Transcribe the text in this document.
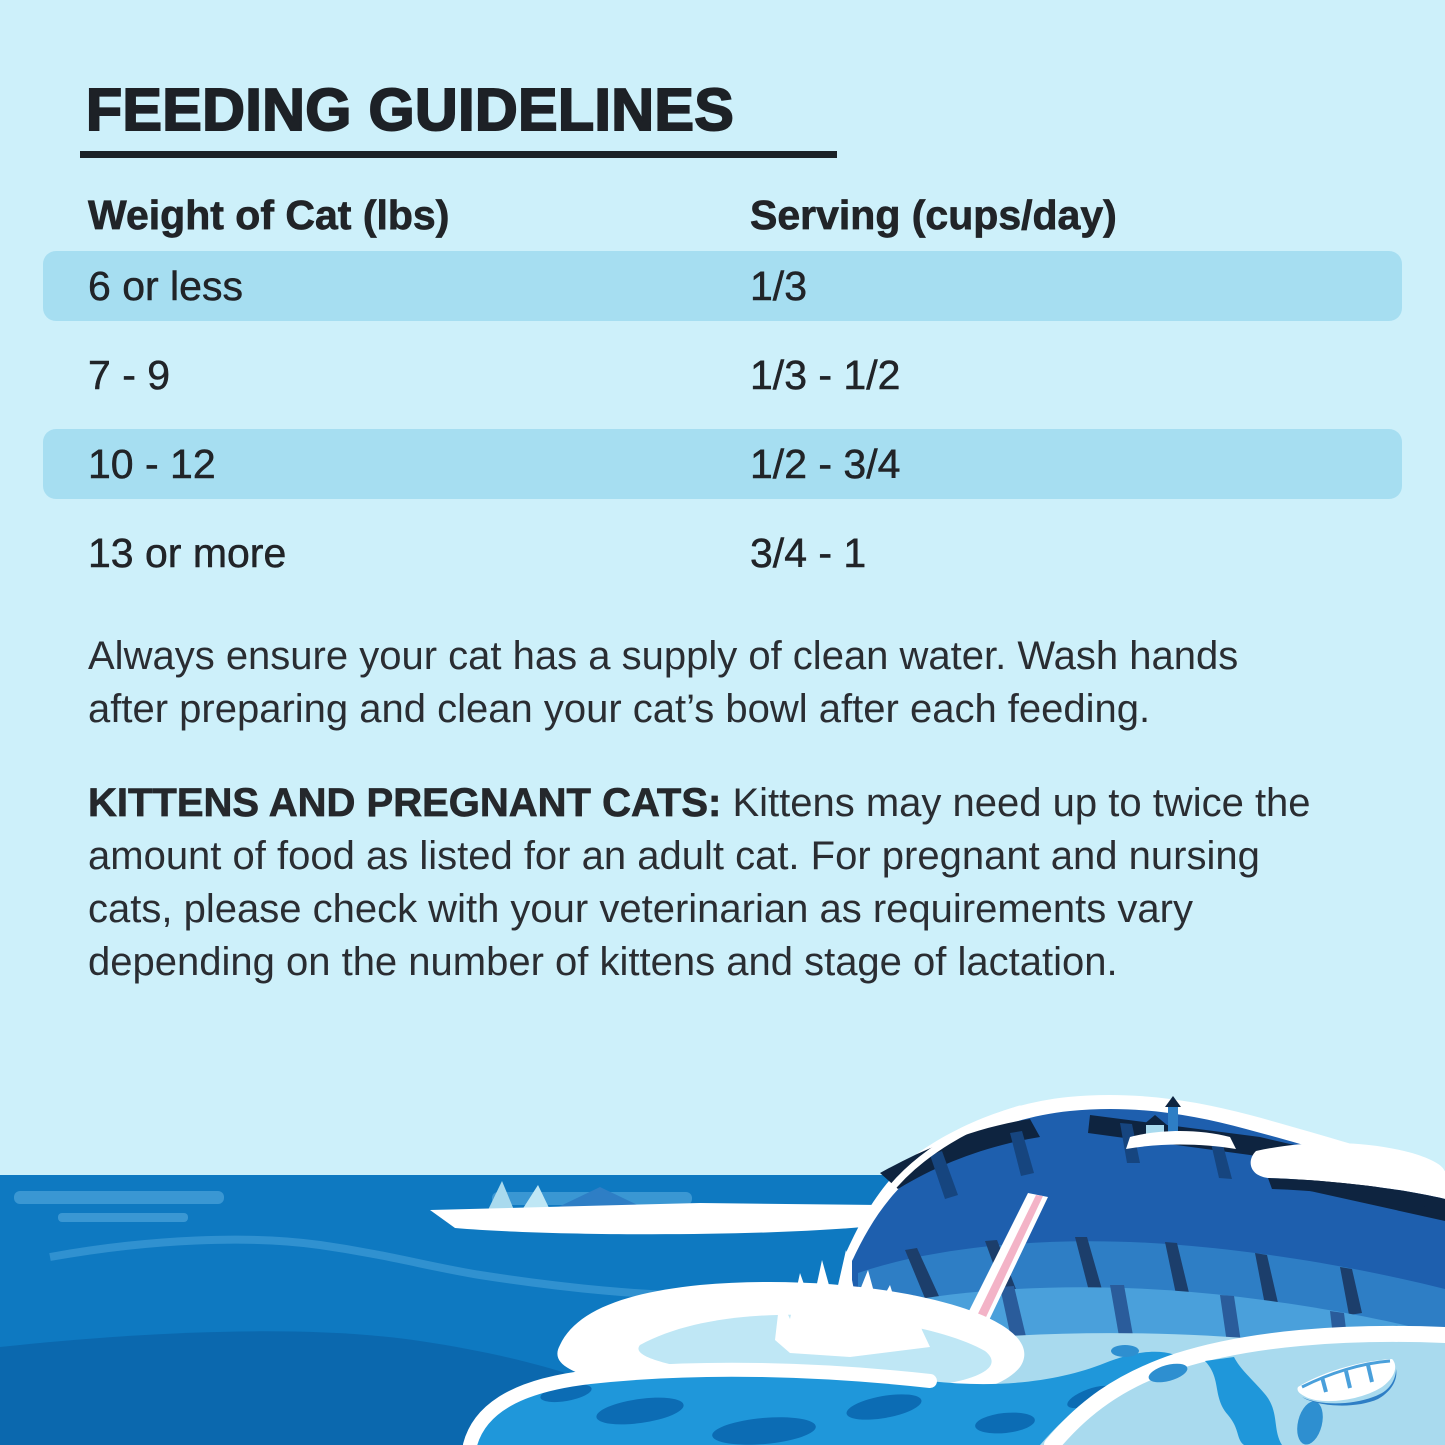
FEEDING GUIDELINES
Weight of Cat (lbs)	Serving (cups/day)
6 or less	1/3
7 - 9	1/3 - 1/2
10 - 12	1/2 - 3/4
13 or more	3/4 - 1
Always ensure your cat has a supply of clean water. Wash hands
after preparing and clean your cat’s bowl after each feeding.
KITTENS AND PREGNANT CATS: Kittens may need up to twice the
amount of food as listed for an adult cat. For pregnant and nursing
cats, please check with your veterinarian as requirements vary
depending on the number of kittens and stage of lactation.
